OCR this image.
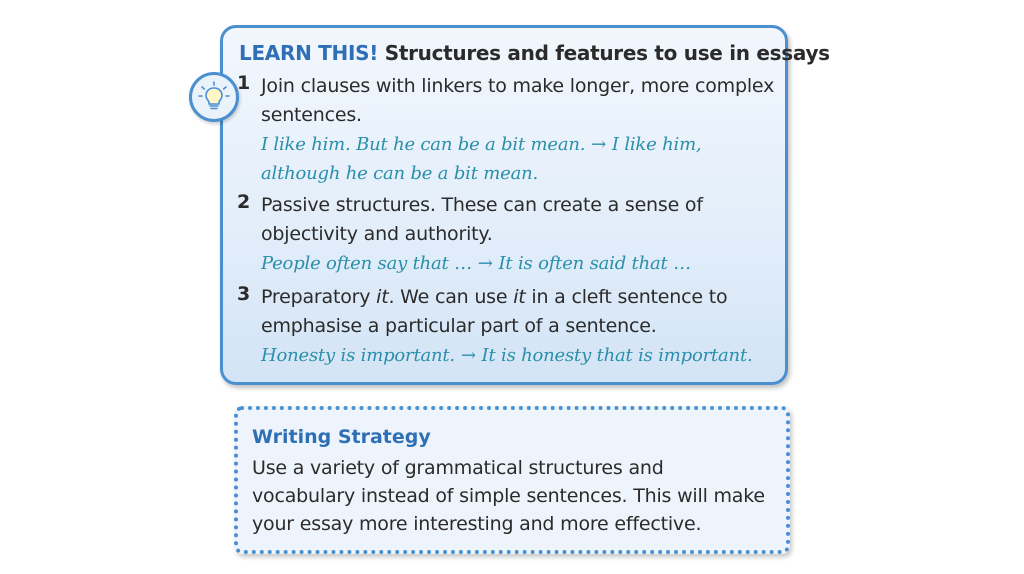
LEARN THIS! Structures and features to use in essays
1 Join clauses with linkers to make longer, more complex sentences.
I like him. But he can be a bit mean. → I like him, although he can be a bit mean.
2 Passive structures. These can create a sense of objectivity and authority.
People often say that … → It is often said that …
3 Preparatory it. We can use it in a cleft sentence to emphasise a particular part of a sentence.
Honesty is important. → It is honesty that is important.
Writing Strategy
Use a variety of grammatical structures and vocabulary instead of simple sentences. This will make your essay more interesting and more effective.
